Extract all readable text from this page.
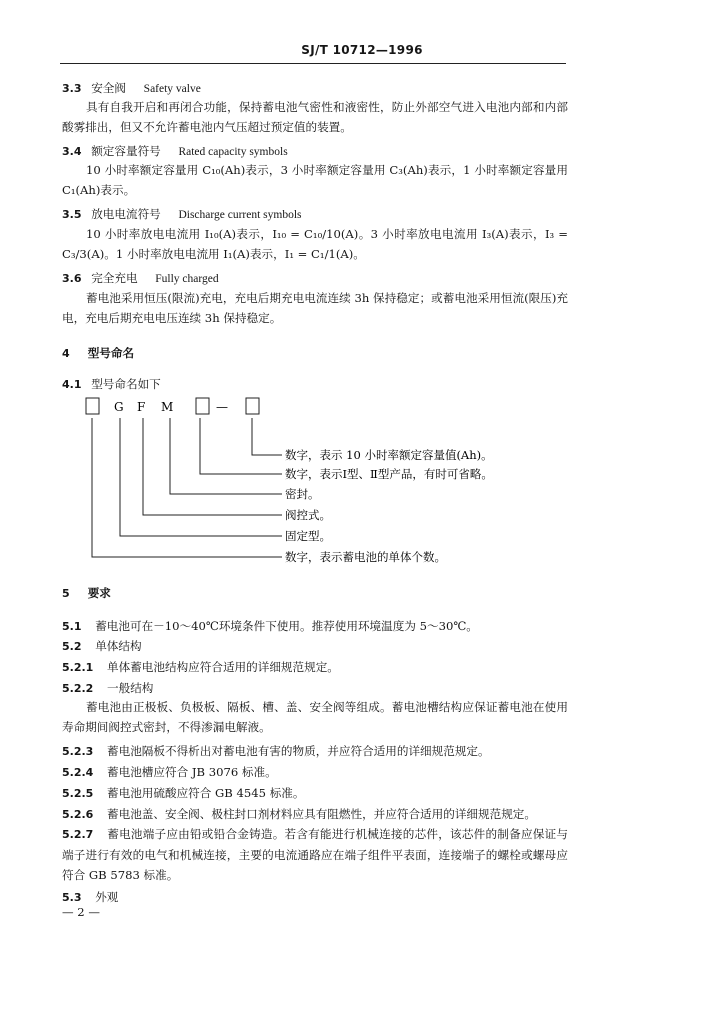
SJ/T 10712—1996
3.3 安全阀 Safety valve
具有自我开启和再闭合功能，保持蓄电池气密性和液密性，防止外部空气进入电池内部和内部酸雾排出，但又不允许蓄电池内气压超过预定值的装置。
3.4 额定容量符号 Rated capacity symbols
10 小时率额定容量用 C₁₀(Ah)表示，3 小时率额定容量用 C₃(Ah)表示，1 小时率额定容量用 C₁(Ah)表示。
3.5 放电电流符号 Discharge current symbols
10 小时率放电电流用 I₁₀(A)表示，I₁₀ = C₁₀/10(A)。3 小时率放电电流用 I₃(A)表示，I₃ = C₃/3(A)。1 小时率放电电流用 I₁(A)表示，I₁ = C₁/1(A)。
3.6 完全充电 Fully charged
蓄电池采用恒压(限流)充电，充电后期充电电流连续 3h 保持稳定；或蓄电池采用恒流(限压)充电，充电后期充电电压连续 3h 保持稳定。
4 型号命名
4.1 型号命名如下
G F M	—
数字，表示 10 小时率额定容量值(Ah)。
数字，表示Ⅰ型、Ⅱ型产品，有时可省略。
密封。
阀控式。
固定型。
数字，表示蓄电池的单体个数。
5 要求
5.1 蓄电池可在－10～40℃环境条件下使用。推荐使用环境温度为 5～30℃。
5.2 单体结构
5.2.1 单体蓄电池结构应符合适用的详细规范规定。
5.2.2 一般结构
蓄电池由正极板、负极板、隔板、槽、盖、安全阀等组成。蓄电池槽结构应保证蓄电池在使用寿命期间阀控式密封，不得渗漏电解液。
5.2.3 蓄电池隔板不得析出对蓄电池有害的物质，并应符合适用的详细规范规定。
5.2.4 蓄电池槽应符合 JB 3076 标准。
5.2.5 蓄电池用硫酸应符合 GB 4545 标准。
5.2.6 蓄电池盖、安全阀、极柱封口剂材料应具有阻燃性，并应符合适用的详细规范规定。
5.2.7 蓄电池端子应由铅或铅合金铸造。若含有能进行机械连接的芯件，该芯件的制备应保证与端子进行有效的电气和机械连接，主要的电流通路应在端子组件平表面，连接端子的螺栓或螺母应符合 GB 5783 标准。
5.3 外观
— 2 —
